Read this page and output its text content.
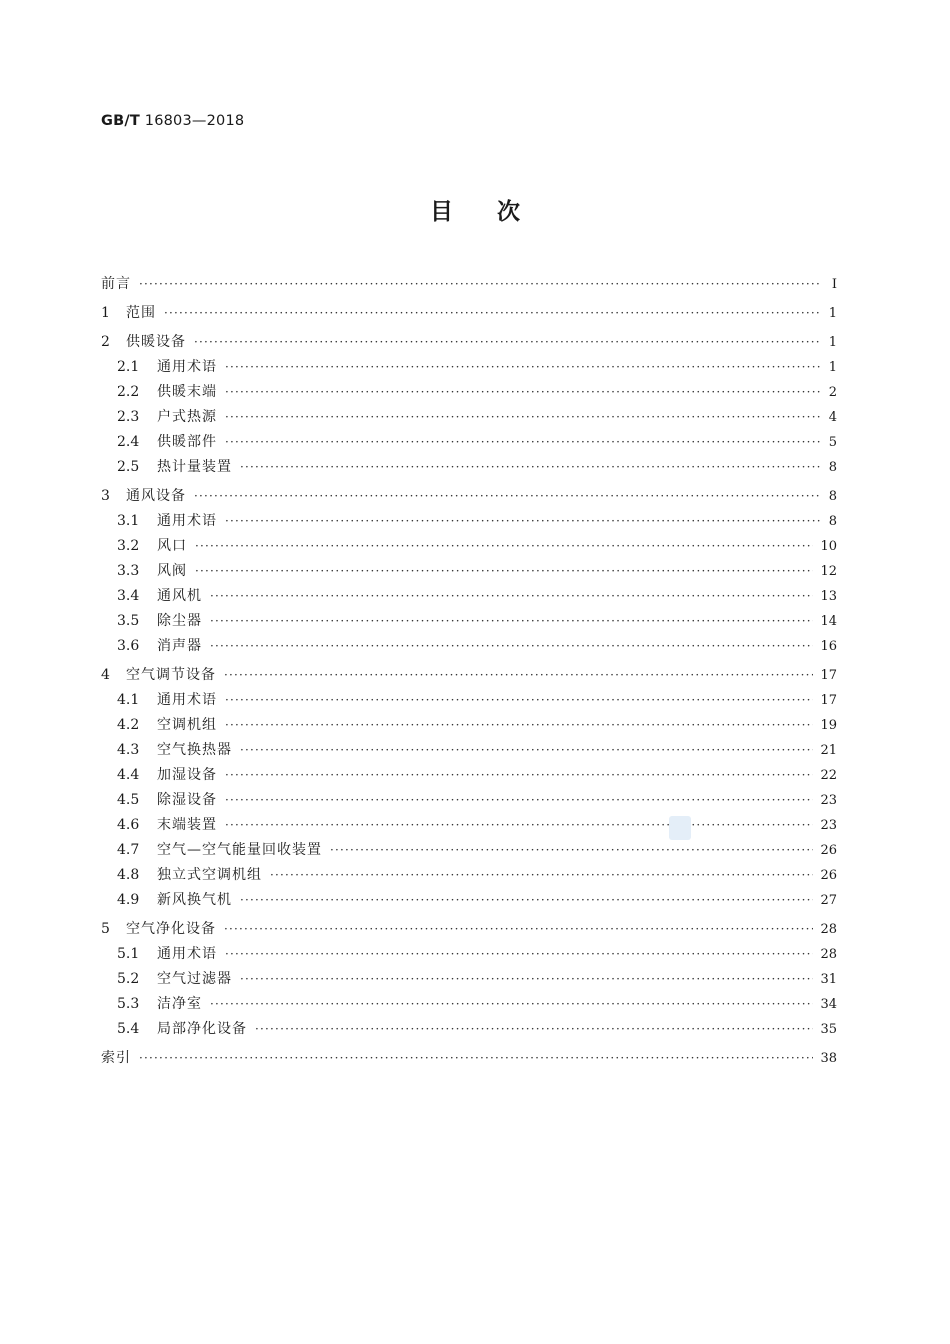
GB/T 16803—2018
目次
前言 ·····	I
1	范围 ·····	1
2	供暖设备 ·····	1
2.1	通用术语 ·····	1
2.2	供暖末端 ·····	2
2.3	户式热源 ·····	4
2.4	供暖部件 ·····	5
2.5	热计量装置 ·····	8
3	通风设备 ·····	8
3.1	通用术语 ·····	8
3.2	风口 ·····	10
3.3	风阀 ·····	12
3.4	通风机 ·····	13
3.5	除尘器 ·····	14
3.6	消声器 ·····	16
4	空气调节设备 ·····	17
4.1	通用术语 ·····	17
4.2	空调机组 ·····	19
4.3	空气换热器 ·····	21
4.4	加湿设备 ·····	22
4.5	除湿设备 ·····	23
4.6	末端装置 ·····	23
4.7	空气—空气能量回收装置 ·····	26
4.8	独立式空调机组 ·····	26
4.9	新风换气机 ·····	27
5	空气净化设备 ·····	28
5.1	通用术语 ·····	28
5.2	空气过滤器 ·····	31
5.3	洁净室 ·····	34
5.4	局部净化设备 ·····	35
索引 ·····	38
